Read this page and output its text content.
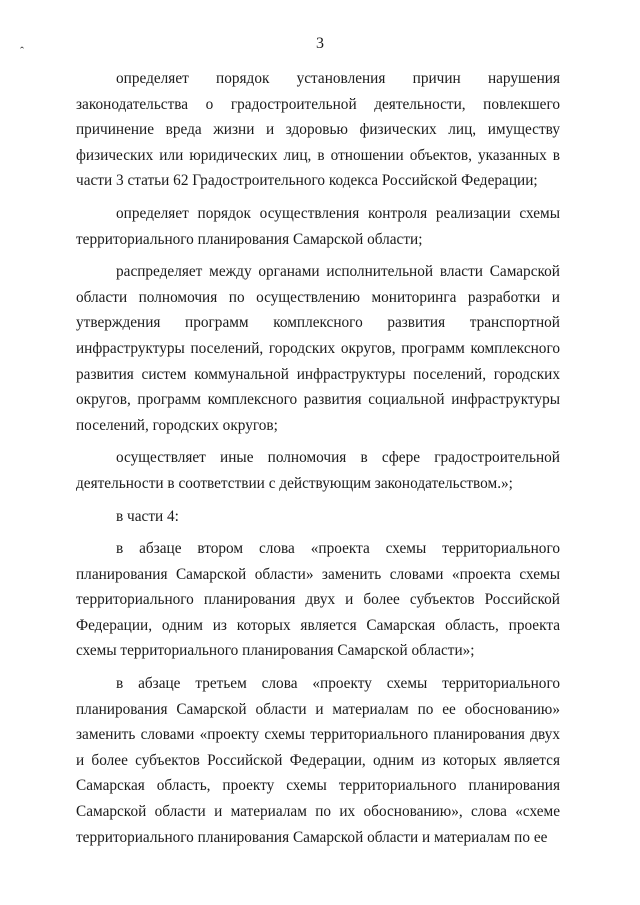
ˆ	3

определяет порядок установления причин нарушения законодательства о градостроительной деятельности, повлекшего причинение вреда жизни и здоровью физических лиц, имуществу физических или юридических лиц, в отношении объектов, указанных в части 3 статьи 62 Градостроительного кодекса Российской Федерации;

определяет порядок осуществления контроля реализации схемы территориального планирования Самарской области;

распределяет между органами исполнительной власти Самарской области полномочия по осуществлению мониторинга разработки и утверждения программ комплексного развития транспортной инфраструктуры поселений, городских округов, программ комплексного развития систем коммунальной инфраструктуры поселений, городских округов, программ комплексного развития социальной инфраструктуры поселений, городских округов;

осуществляет иные полномочия в сфере градостроительной деятельности в соответствии с действующим законодательством.»;

в части 4:

в абзаце втором слова «проекта схемы территориального планирования Самарской области» заменить словами «проекта схемы территориального планирования двух и более субъектов Российской Федерации, одним из которых является Самарская область, проекта схемы территориального планирования Самарской области»;

в абзаце третьем слова «проекту схемы территориального планирования Самарской области и материалам по ее обоснованию» заменить словами «проекту схемы территориального планирования двух и более субъектов Российской Федерации, одним из которых является Самарская область, проекту схемы территориального планирования Самарской области и материалам по их обоснованию», слова «схеме территориального планирования Самарской области и материалам по ее
